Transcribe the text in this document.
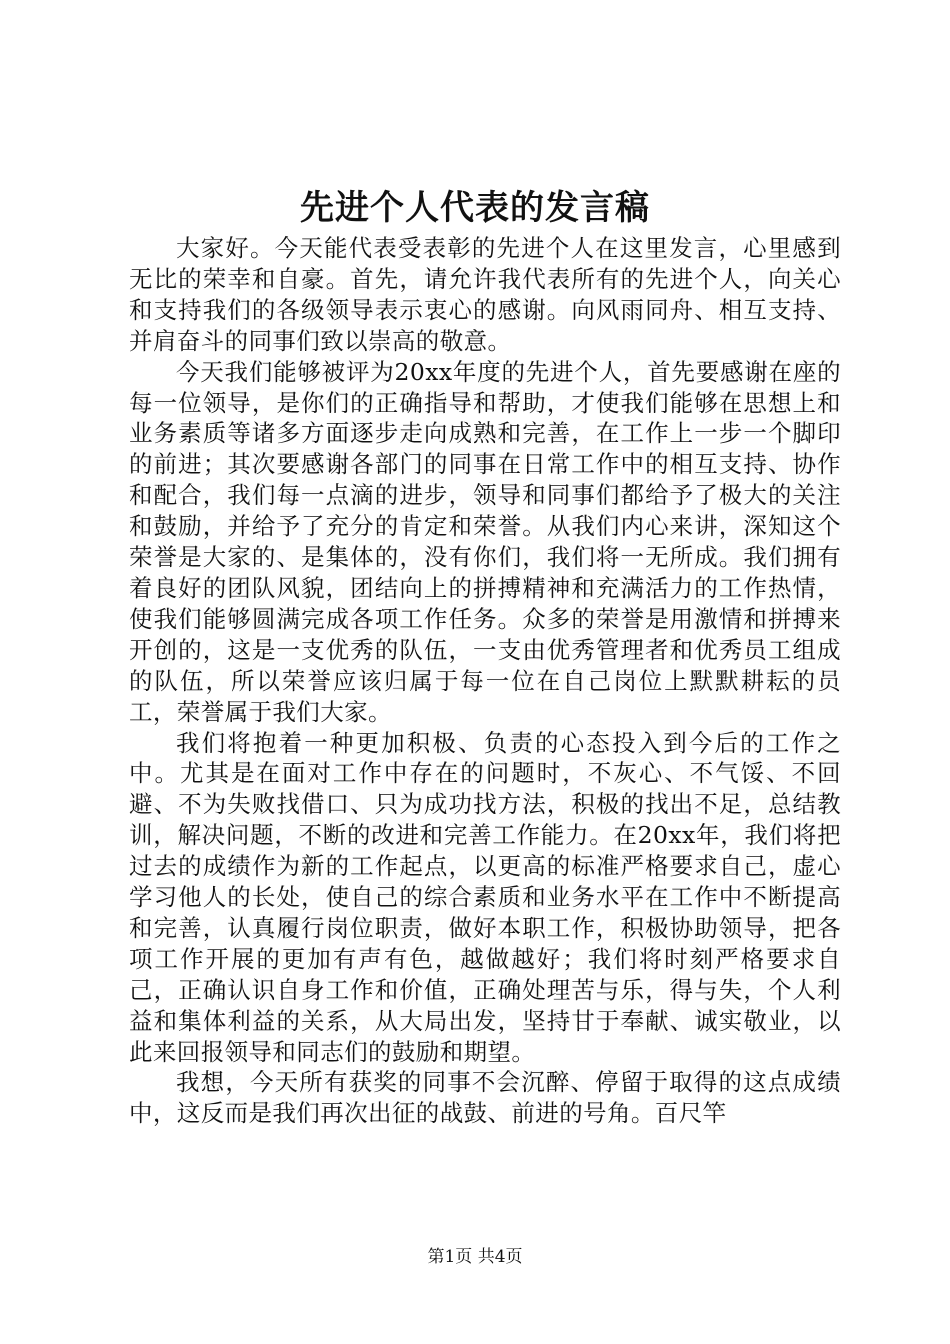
先进个人代表的发言稿

大家好。今天能代表受表彰的先进个人在这里发言，心里感到无比的荣幸和自豪。首先，请允许我代表所有的先进个人，向关心和支持我们的各级领导表示衷心的感谢。向风雨同舟、相互支持、并肩奋斗的同事们致以崇高的敬意。

今天我们能够被评为20xx年度的先进个人，首先要感谢在座的每一位领导，是你们的正确指导和帮助，才使我们能够在思想上和业务素质等诸多方面逐步走向成熟和完善，在工作上一步一个脚印的前进；其次要感谢各部门的同事在日常工作中的相互支持、协作和配合，我们每一点滴的进步，领导和同事们都给予了极大的关注和鼓励，并给予了充分的肯定和荣誉。从我们内心来讲，深知这个荣誉是大家的、是集体的，没有你们，我们将一无所成。我们拥有着良好的团队风貌，团结向上的拼搏精神和充满活力的工作热情，使我们能够圆满完成各项工作任务。众多的荣誉是用激情和拼搏来开创的，这是一支优秀的队伍，一支由优秀管理者和优秀员工组成的队伍，所以荣誉应该归属于每一位在自己岗位上默默耕耘的员工，荣誉属于我们大家。

我们将抱着一种更加积极、负责的心态投入到今后的工作之中。尤其是在面对工作中存在的问题时，不灰心、不气馁、不回避、不为失败找借口、只为成功找方法，积极的找出不足，总结教训，解决问题，不断的改进和完善工作能力。在20xx年，我们将把过去的成绩作为新的工作起点，以更高的标准严格要求自己，虚心学习他人的长处，使自己的综合素质和业务水平在工作中不断提高和完善，认真履行岗位职责，做好本职工作，积极协助领导，把各项工作开展的更加有声有色，越做越好；我们将时刻严格要求自己，正确认识自身工作和价值，正确处理苦与乐，得与失，个人利益和集体利益的关系，从大局出发，坚持甘于奉献、诚实敬业，以此来回报领导和同志们的鼓励和期望。

我想，今天所有获奖的同事不会沉醉、停留于取得的这点成绩中，这反而是我们再次出征的战鼓、前进的号角。百尺竿

第1页 共4页
